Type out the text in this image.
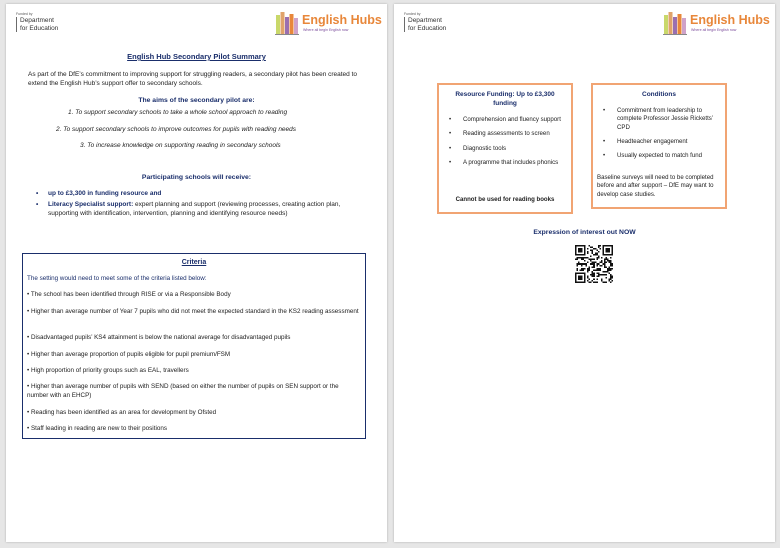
Funded by
Department
for Education
English Hubs
Where all begin English now
English Hub Secondary Pilot Summary
As part of the DfE’s commitment to improving support for struggling readers, a secondary pilot has been created to extend the English Hub’s support offer to secondary schools.
The aims of the secondary pilot are:
1. To support secondary schools to take a whole school approach to reading
2. To support secondary schools to improve outcomes for pupils with reading needs
3. To increase knowledge on supporting reading in secondary schools
Participating schools will receive:
• up to £3,300 in funding resource and
• Literacy Specialist support: expert planning and support (reviewing processes, creating action plan, supporting with identification, intervention, planning and identifying resource needs)
Criteria
The setting would need to meet some of the criteria listed below:
• The school has been identified through RISE or via a Responsible Body
• Higher than average number of Year 7 pupils who did not meet the expected standard in the KS2 reading assessment
• Disadvantaged pupils’ KS4 attainment is below the national average for disadvantaged pupils
• Higher than average proportion of pupils eligible for pupil premium/FSM
• High proportion of priority groups such as EAL, travellers
• Higher than average number of pupils with SEND (based on either the number of pupils on SEN support or the number with an EHCP)
• Reading has been identified as an area for development by Ofsted
• Staff leading in reading are new to their positions
Funded by
Department
for Education
English Hubs
Where all begin English now
Resource Funding: Up to £3,300 funding
• Comprehension and fluency support
• Reading assessments to screen
• Diagnostic tools
• A programme that includes phonics
Cannot be used for reading books
Conditions
• Commitment from leadership to complete Professor Jessie Ricketts’ CPD
• Headteacher engagement
• Usually expected to match fund
Baseline surveys will need to be completed before and after support – DfE may want to develop case studies.
Expression of interest out NOW
